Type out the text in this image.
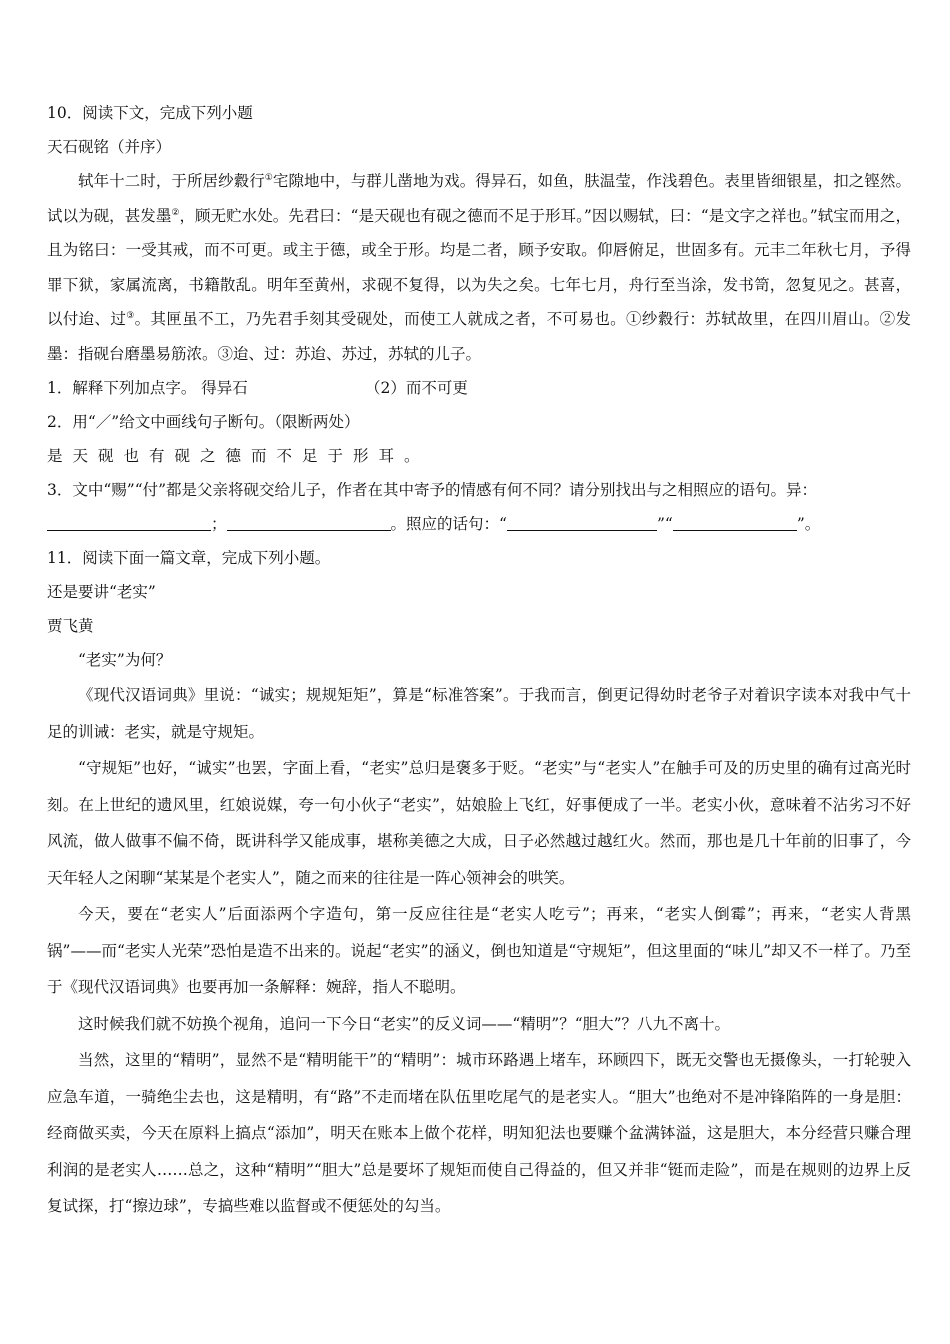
10．阅读下文，完成下列小题
天石砚铭（并序）
轼年十二时，于所居纱縠行①宅隙地中，与群儿凿地为戏。得异石，如鱼，肤温莹，作浅碧色。表里皆细银星，扣之铿然。试以为砚，甚发墨②，顾无贮水处。先君曰：“是天砚也有砚之德而不足于形耳。”因以赐轼，曰：“是文字之祥也。”轼宝而用之，且为铭曰：一受其戒，而不可更。或主于德，或全于形。均是二者，顾予安取。仰唇俯足，世固多有。元丰二年秋七月，予得罪下狱，家属流离，书籍散乱。明年至黄州，求砚不复得，以为失之矣。七年七月，舟行至当涂，发书笥，忽复见之。甚喜，以付迨、过③。其匣虽不工，乃先君手刻其受砚处，而使工人就成之者，不可易也。①纱縠行：苏轼故里，在四川眉山。②发墨：指砚台磨墨易筋浓。③迨、过：苏迨、苏过，苏轼的儿子。
1．解释下列加点字。 得异石	（2）而不可更
2．用“／”给文中画线句子断句。（限断两处）
是天砚也有砚之德而不足于形耳。
3．文中“赐”“付”都是父亲将砚交给儿子，作者在其中寄予的情感有何不同？请分别找出与之相照应的语句。异：
；	。照应的话句：“	”“	”。
11．阅读下面一篇文章，完成下列小题。
还是要讲“老实”
贾飞黄
“老实”为何？
《现代汉语词典》里说：“诚实；规规矩矩”，算是“标准答案”。于我而言，倒更记得幼时老爷子对着识字读本对我中气十足的训诫：老实，就是守规矩。
“守规矩”也好，“诚实”也罢，字面上看，“老实”总归是褒多于贬。“老实”与“老实人”在触手可及的历史里的确有过高光时刻。在上世纪的遗风里，红娘说媒，夸一句小伙子“老实”，姑娘脸上飞红，好事便成了一半。老实小伙，意味着不沾劣习不好风流，做人做事不偏不倚，既讲科学又能成事，堪称美德之大成，日子必然越过越红火。然而，那也是几十年前的旧事了，今天年轻人之闲聊“某某是个老实人”，随之而来的往往是一阵心领神会的哄笑。
今天，要在“老实人”后面添两个字造句，第一反应往往是“老实人吃亏”；再来，“老实人倒霉”；再来，“老实人背黑锅”——而“老实人光荣”恐怕是造不出来的。说起“老实”的涵义，倒也知道是“守规矩”，但这里面的“味儿”却又不一样了。乃至于《现代汉语词典》也要再加一条解释：婉辞，指人不聪明。
这时候我们就不妨换个视角，追问一下今日“老实”的反义词——“精明”？“胆大”？八九不离十。
当然，这里的“精明”，显然不是“精明能干”的“精明”：城市环路遇上堵车，环顾四下，既无交警也无摄像头，一打轮驶入应急车道，一骑绝尘去也，这是精明，有“路”不走而堵在队伍里吃尾气的是老实人。“胆大”也绝对不是冲锋陷阵的一身是胆：经商做买卖，今天在原料上搞点“添加”，明天在账本上做个花样，明知犯法也要赚个盆满钵溢，这是胆大，本分经营只赚合理利润的是老实人……总之，这种“精明”“胆大”总是要坏了规矩而使自己得益的，但又并非“铤而走险”，而是在规则的边界上反复试探，打“擦边球”，专搞些难以监督或不便惩处的勾当。
